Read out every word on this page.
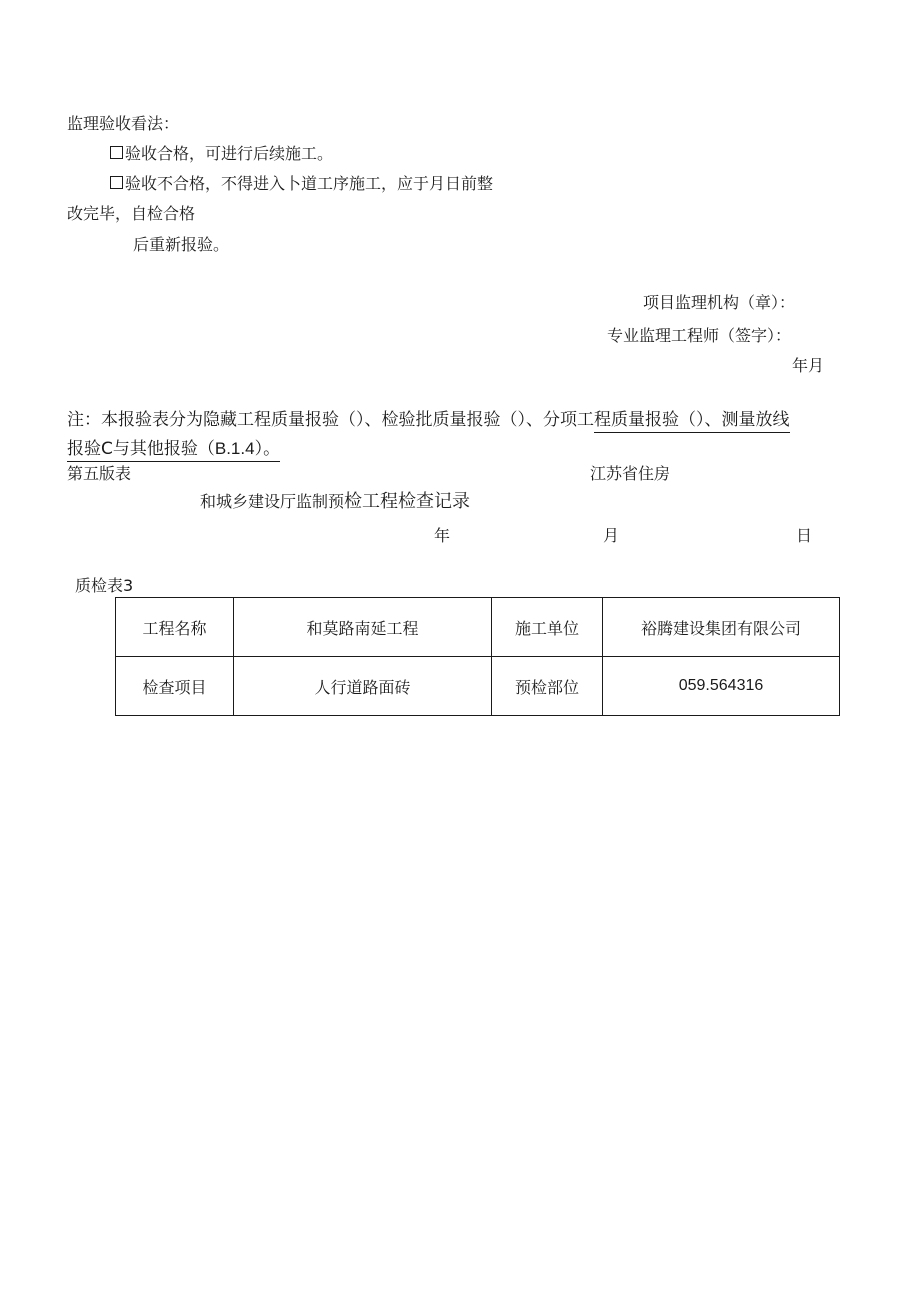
监理验收看法：
验收合格，可进行后续施工。
验收不合格，不得进入卜道工序施工，应于月日前整
改完毕，自检合格
后重新报验。
项目监理机构（章）：
专业监理工程师（签字）：
年月
注：本报验表分为隐藏工程质量报验（）、检验批质量报验（）、分项工程质量报验（）、测量放线
报验C与其他报验（B.1.4）。
第五版表	江苏省住房
和城乡建设厅监制预检工程检查记录
年	月	日
质检表3
工程名称	和莫路南延工程	施工单位	裕腾建设集团有限公司
检查项目	人行道路面砖	预检部位	059.564316
